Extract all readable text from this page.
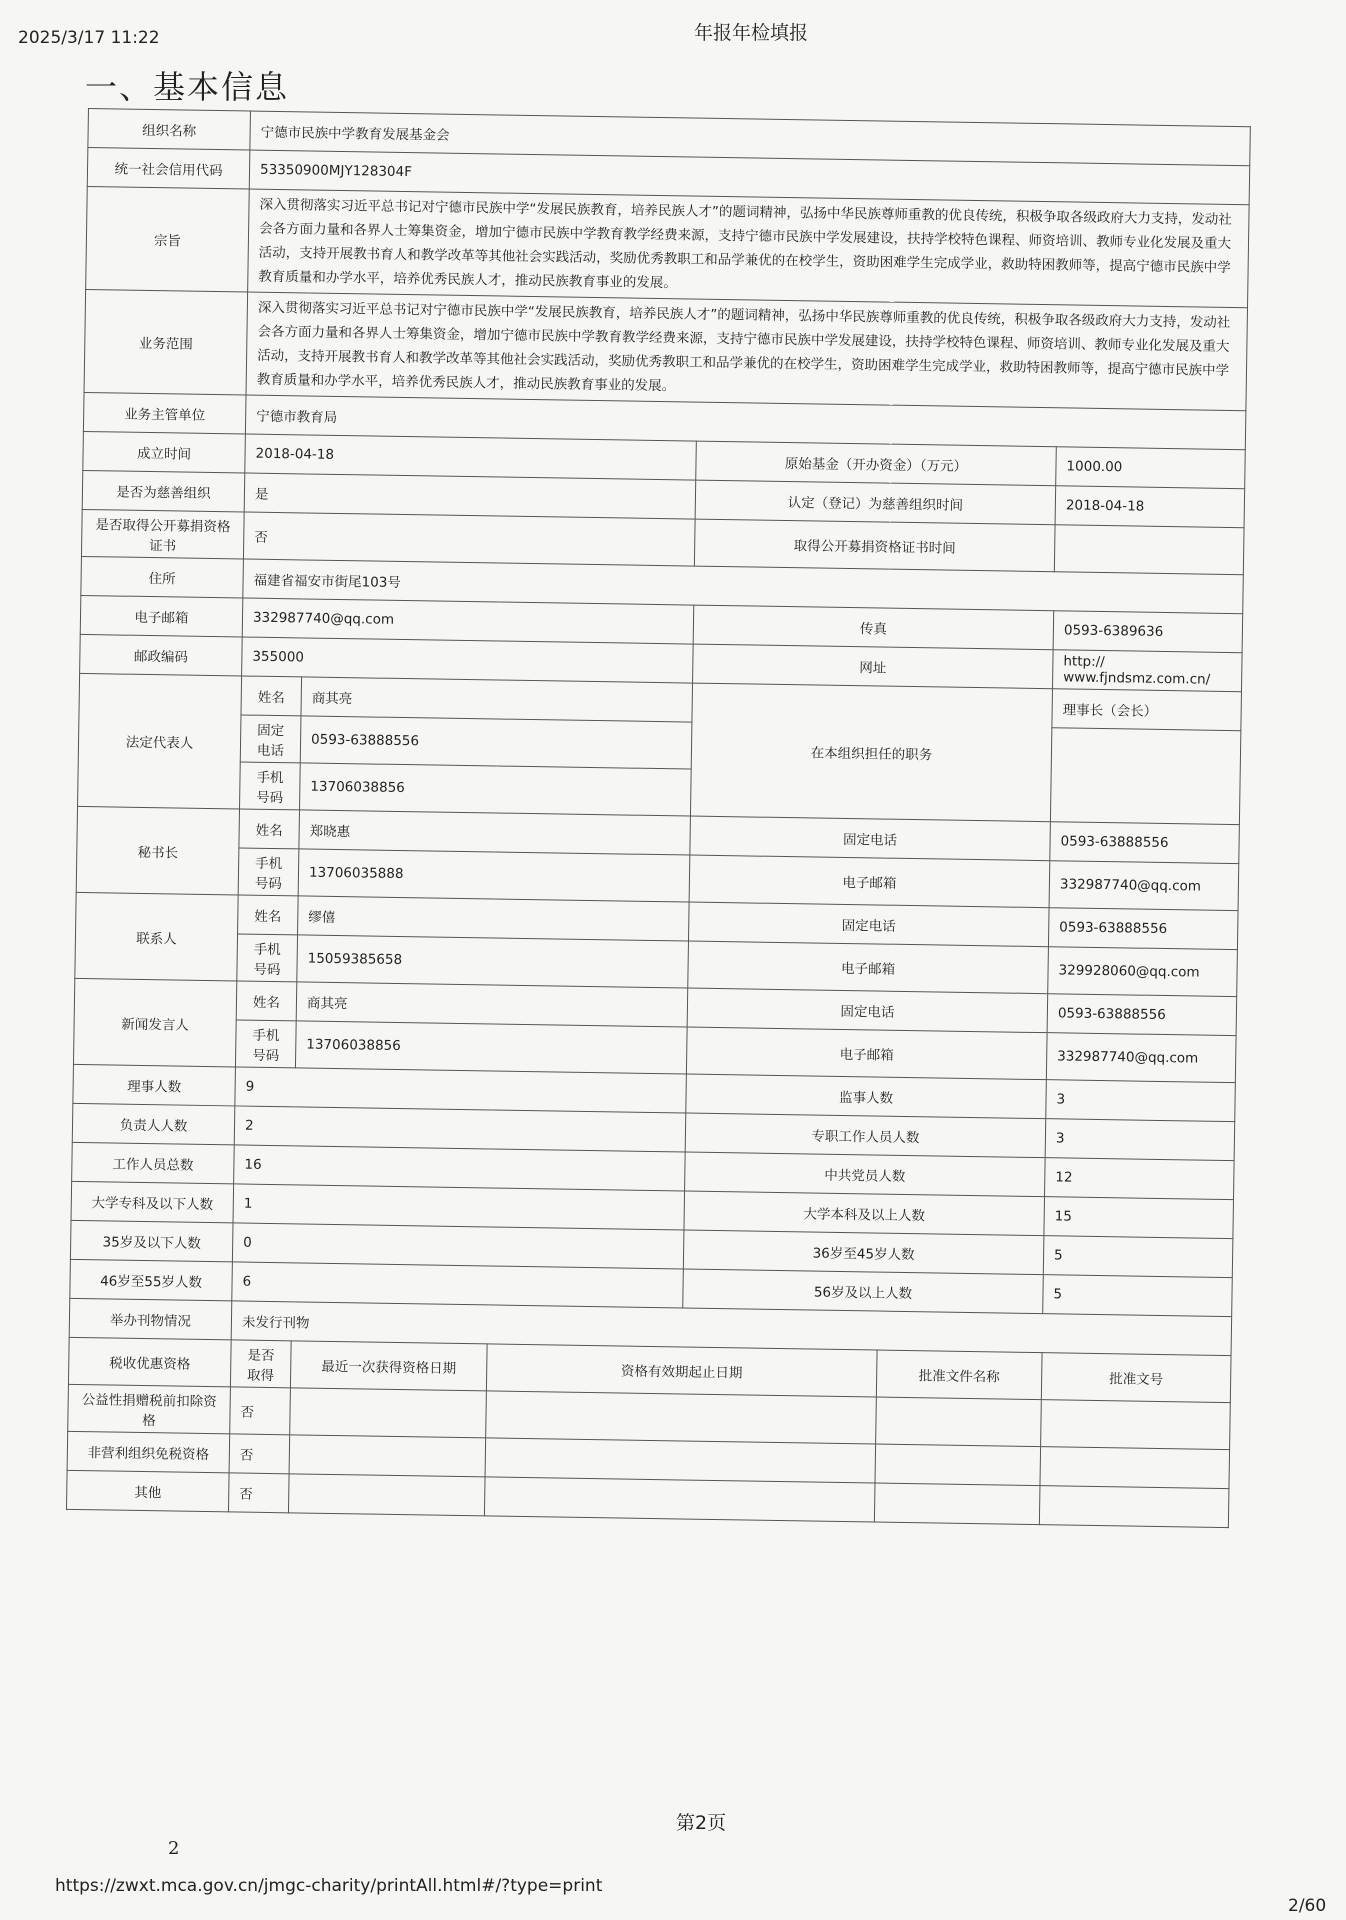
2025/3/17 11:22	年报年检填报
一、基本信息
组织名称	宁德市民族中学教育发展基金会					
统一社会信用代码	53350900MJY128304F					
宗旨	深入贯彻落实习近平总书记对宁德市民族中学“发展民族教育，培养民族人才”的题词精神，弘扬中华民族尊师重教的优良传统，积极争取各级政府大力支持，发动社会各方面力量和各界人士筹集资金，增加宁德市民族中学教育教学经费来源，支持宁德市民族中学发展建设，扶持学校特色课程、师资培训、教师专业化发展及重大活动，支持开展教书育人和教学改革等其他社会实践活动，奖励优秀教职工和品学兼优的在校学生，资助困难学生完成学业，救助特困教师等，提高宁德市民族中学教育质量和办学水平，培养优秀民族人才，推动民族教育事业的发展。					
业务范围	深入贯彻落实习近平总书记对宁德市民族中学“发展民族教育，培养民族人才”的题词精神，弘扬中华民族尊师重教的优良传统，积极争取各级政府大力支持，发动社会各方面力量和各界人士筹集资金，增加宁德市民族中学教育教学经费来源，支持宁德市民族中学发展建设，扶持学校特色课程、师资培训、教师专业化发展及重大活动，支持开展教书育人和教学改革等其他社会实践活动，奖励优秀教职工和品学兼优的在校学生，资助困难学生完成学业，救助特困教师等，提高宁德市民族中学教育质量和办学水平，培养优秀民族人才，推动民族教育事业的发展。					
业务主管单位	宁德市教育局					
成立时间	2018-04-18			原始基金（开办资金）（万元）		1000.00
是否为慈善组织	是			认定（登记）为慈善组织时间		2018-04-18
是否取得公开募捐资格证书	否			取得公开募捐资格证书时间		
住所	福建省福安市街尾103号					
电子邮箱	332987740@qq.com			传真		0593-6389636
邮政编码	355000			网址		http:// www.fjndsmz.com.cn/
法定代表人	姓名	商其亮		在本组织担任的职务		理事长（会长）
	固定电话	0593-63888556				
	手机号码	13706038856				
秘书长	姓名	郑晓惠		固定电话		0593-63888556
	手机号码	13706035888		电子邮箱		332987740@qq.com
联系人	姓名	缪僖		固定电话		0593-63888556
	手机号码	15059385658		电子邮箱		329928060@qq.com
新闻发言人	姓名	商其亮		固定电话		0593-63888556
	手机号码	13706038856		电子邮箱		332987740@qq.com
理事人数	9			监事人数		3
负责人人数	2			专职工作人员人数		3
工作人员总数	16			中共党员人数		12
大学专科及以下人数	1			大学本科及以上人数		15
35岁及以下人数	0			36岁至45岁人数		5
46岁至55岁人数	6			56岁及以上人数		5
举办刊物情况	未发行刊物					
税收优惠资格	是否取得	最近一次获得资格日期	资格有效期起止日期		批准文件名称	批准文号
公益性捐赠税前扣除资格	否					
非营利组织免税资格	否					
其他	否					
第2页
2
https://zwxt.mca.gov.cn/jmgc-charity/printAll.html#/?type=print
2/60
